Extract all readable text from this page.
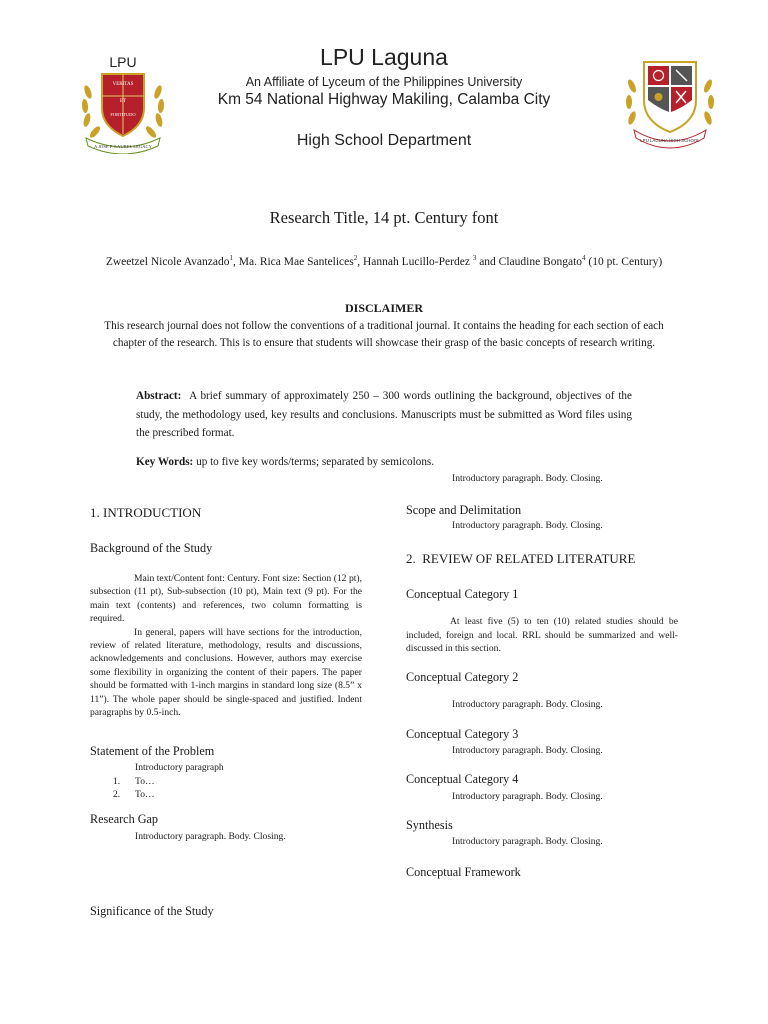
LPU
VERITAS
ET
FORTITUDO
A JOSE P. LAUREL LEGACY
LPU Laguna
An Affiliate of Lyceum of the Philippines University
Km 54 National Highway Makiling, Calamba City
High School Department	LPU LAGUNA HIGH SCHOOL
Research Title, 14 pt. Century font
Zweetzel Nicole Avanzado$^1$, Ma. Rica Mae Santelices$^2$, Hannah Lucillo-Perdez $^3$ and Claudine Bongato$^4$ (10 pt. Century)
DISCLAIMER
This research journal does not follow the conventions of a traditional journal. It contains the heading for each section of each chapter of the research. This is to ensure that students will showcase their grasp of the basic concepts of research writing.
Abstract: A brief summary of approximately 250 – 300 words outlining the background, objectives of the study, the methodology used, key results and conclusions. Manuscripts must be submitted as Word files using the prescribed format.
Key Words: up to five key words/terms; separated by semicolons.
Introductory paragraph. Body. Closing.
1. INTRODUCTION
Background of the Study

Main text/Content font: Century. Font size: Section (12 pt), subsection (11 pt), Sub-subsection (10 pt), Main text (9 pt). For the main text (contents) and references, two column formatting is required.

In general, papers will have sections for the introduction, review of related literature, methodology, results and discussions, acknowledgements and conclusions. However, authors may exercise some flexibility in organizing the content of their papers. The paper should be formatted with 1-inch margins in standard long size (8.5” x 11”). The whole paper should be single-spaced and justified. Indent paragraphs by 0.5-inch.

Statement of the Problem
Introductory paragraph
1. To…
2. To…
Research Gap
Introductory paragraph. Body. Closing.
Significance of the Study
Scope and Delimitation
Introductory paragraph. Body. Closing.
2.  REVIEW OF RELATED LITERATURE
Conceptual Category 1
At least five (5) to ten (10) related studies should be included, foreign and local. RRL should be summarized and well-discussed in this section.
Conceptual Category 2
Introductory paragraph. Body. Closing.
Conceptual Category 3
Introductory paragraph. Body. Closing.
Conceptual Category 4
Introductory paragraph. Body. Closing.
Synthesis
Introductory paragraph. Body. Closing.
Conceptual Framework
